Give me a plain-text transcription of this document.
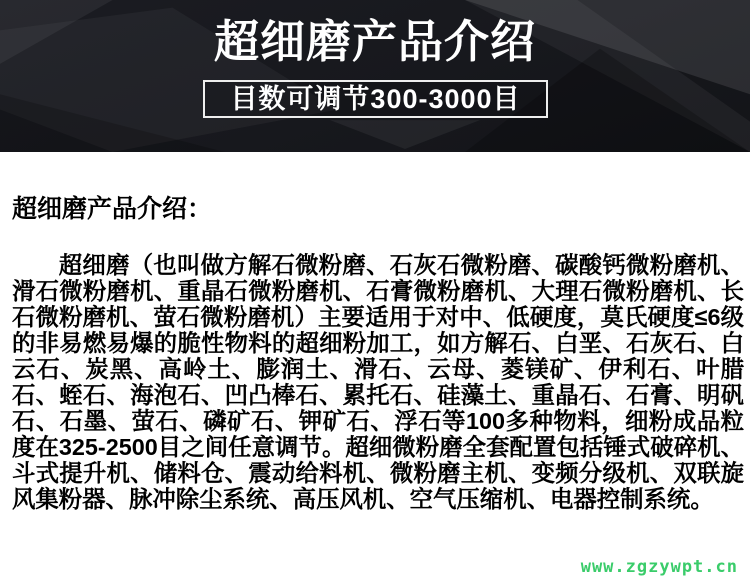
超细磨产品介绍
目数可调节300-3000目
超细磨产品介绍：

超细磨（也叫做方解石微粉磨、石灰石微粉磨、碳酸钙微粉磨机、滑石微粉磨机、重晶石微粉磨机、石膏微粉磨机、大理石微粉磨机、长石微粉磨机、萤石微粉磨机）主要适用于对中、低硬度，莫氏硬度≤6级的非易燃易爆的脆性物料的超细粉加工，如方解石、白垩、石灰石、白云石、炭黑、高岭土、膨润土、滑石、云母、菱镁矿、伊利石、叶腊石、蛭石、海泡石、凹凸棒石、累托石、硅藻土、重晶石、石膏、明矾石、石墨、萤石、磷矿石、钾矿石、浮石等100多种物料，细粉成品粒度在325-2500目之间任意调节。超细微粉磨全套配置包括锤式破碎机、斗式提升机、储料仓、震动给料机、微粉磨主机、变频分级机、双联旋风集粉器、脉冲除尘系统、高压风机、空气压缩机、电器控制系统。

www.zgzywpt.cn
